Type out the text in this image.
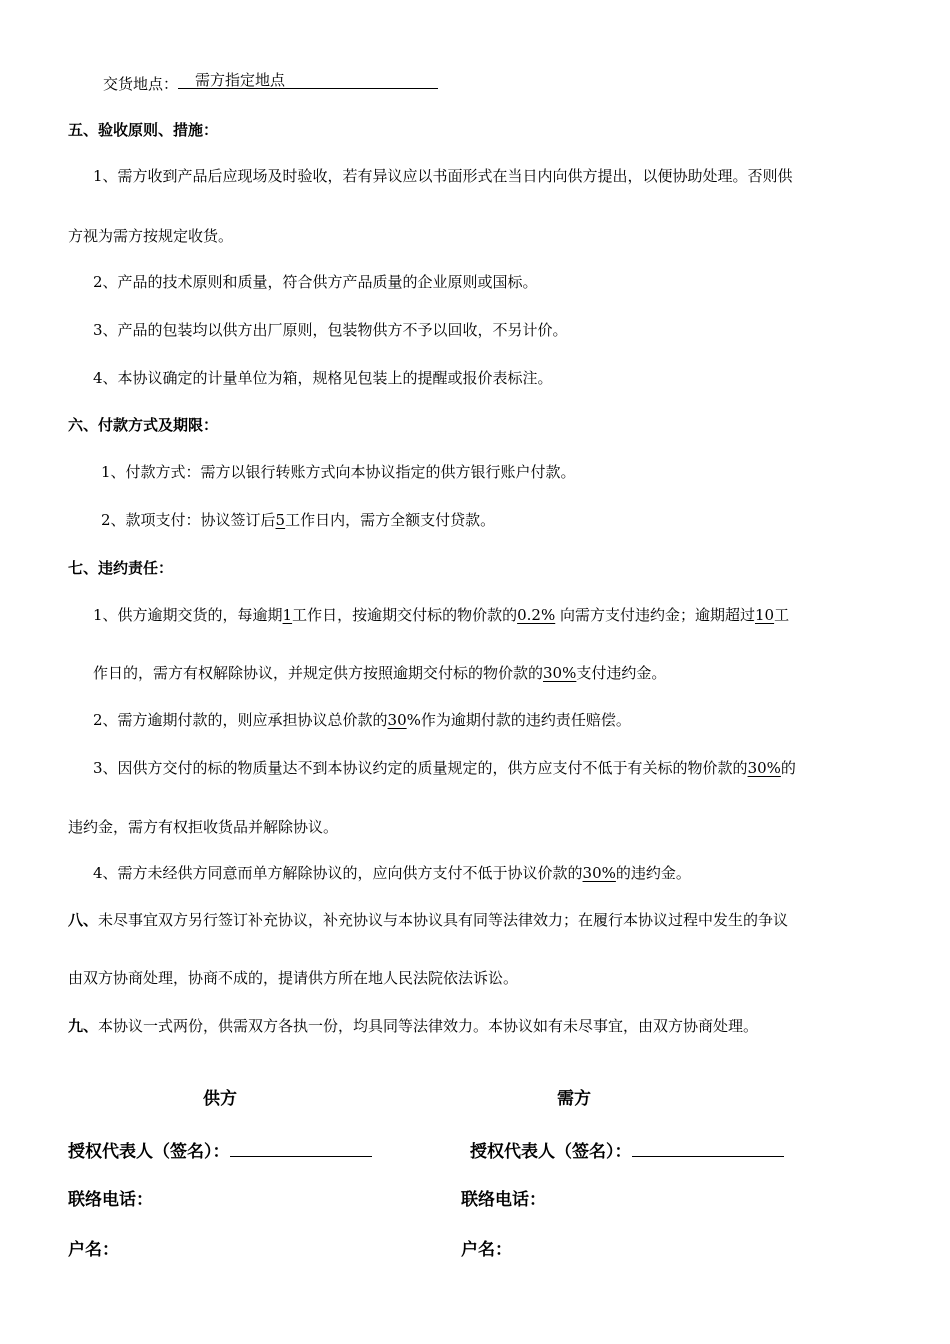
交货地点： 需方指定地点
五、验收原则、措施：
1、需方收到产品后应现场及时验收，若有异议应以书面形式在当日内向供方提出，以便协助处理。否则供
方视为需方按规定收货。
2、产品的技术原则和质量，符合供方产品质量的企业原则或国标。
3、产品的包装均以供方出厂原则，包装物供方不予以回收，不另计价。
4、本协议确定的计量单位为箱，规格见包装上的提醒或报价表标注。
六、付款方式及期限：
1、付款方式：需方以银行转账方式向本协议指定的供方银行账户付款。
2、款项支付：协议签订后5工作日内，需方全额支付贷款。
七、违约责任：
1、供方逾期交货的，每逾期1工作日，按逾期交付标的物价款的0.2% 向需方支付违约金；逾期超过10工
作日的，需方有权解除协议，并规定供方按照逾期交付标的物价款的30%支付违约金。
2、需方逾期付款的，则应承担协议总价款的30%作为逾期付款的违约责任赔偿。
3、因供方交付的标的物质量达不到本协议约定的质量规定的，供方应支付不低于有关标的物价款的30%的
违约金，需方有权拒收货品并解除协议。
4、需方未经供方同意而单方解除协议的，应向供方支付不低于协议价款的30%的违约金。
八、未尽事宜双方另行签订补充协议，补充协议与本协议具有同等法律效力；在履行本协议过程中发生的争议
由双方协商处理，协商不成的，提请供方所在地人民法院依法诉讼。
九、本协议一式两份，供需双方各执一份，均具同等法律效力。本协议如有未尽事宜，由双方协商处理。
供方	需方
授权代表人（签名）：	授权代表人（签名）：
联络电话：	联络电话：
户名：	户名：
